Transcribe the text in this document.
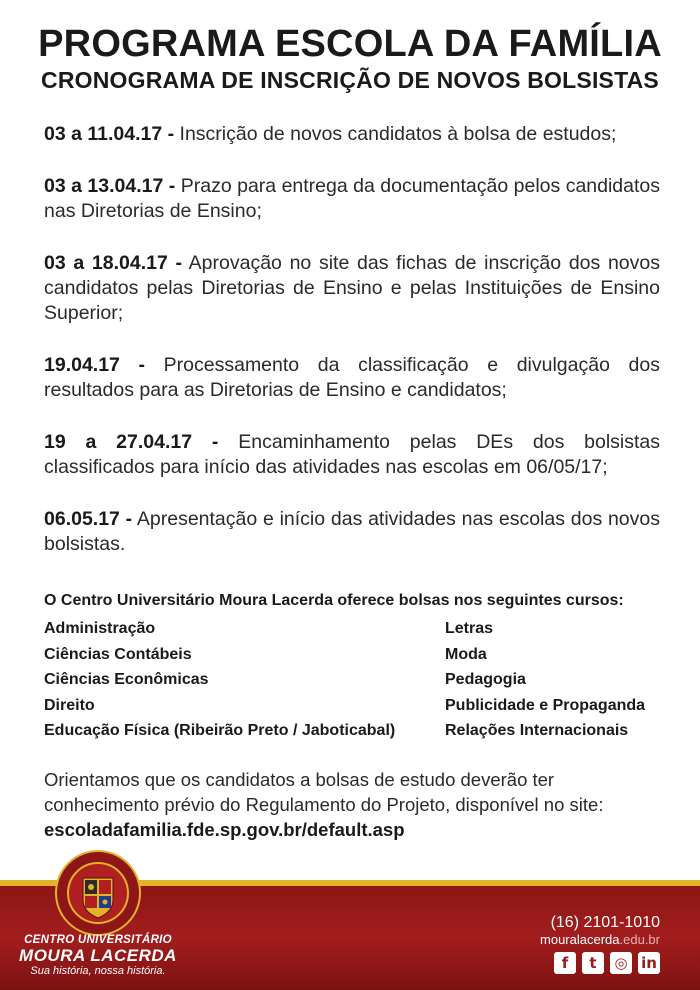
PROGRAMA ESCOLA DA FAMÍLIA
CRONOGRAMA DE INSCRIÇÃO DE NOVOS BOLSISTAS

03 a 11.04.17 - Inscrição de novos candidatos à bolsa de estudos;

03 a 13.04.17 - Prazo para entrega da documentação pelos candidatos nas Diretorias de Ensino;

03 a 18.04.17 - Aprovação no site das fichas de inscrição dos novos candidatos pelas Diretorias de Ensino e pelas Instituições de Ensino Superior;

19.04.17 - Processamento da classificação e divulgação dos resultados para as Diretorias de Ensino e candidatos;

19 a 27.04.17 - Encaminhamento pelas DEs dos bolsistas classificados para início das atividades nas escolas em 06/05/17;

06.05.17 - Apresentação e início das atividades nas escolas dos novos bolsistas.

O Centro Universitário Moura Lacerda oferece bolsas nos seguintes cursos:

Administração
Ciências Contábeis
Ciências Econômicas
Direito
Educação Física (Ribeirão Preto / Jaboticabal)
Letras
Moda
Pedagogia
Publicidade e Propaganda
Relações Internacionais

Orientamos que os candidatos a bolsas de estudo deverão ter conhecimento prévio do Regulamento do Projeto, disponível no site:

escoladafamilia.fde.sp.gov.br/default.asp

CENTRO UNIVERSITÁRIO
MOURA LACERDA
Sua história, nossa história.
(16) 2101-1010
mouralacerda.edu.br
f	t	◎ in
